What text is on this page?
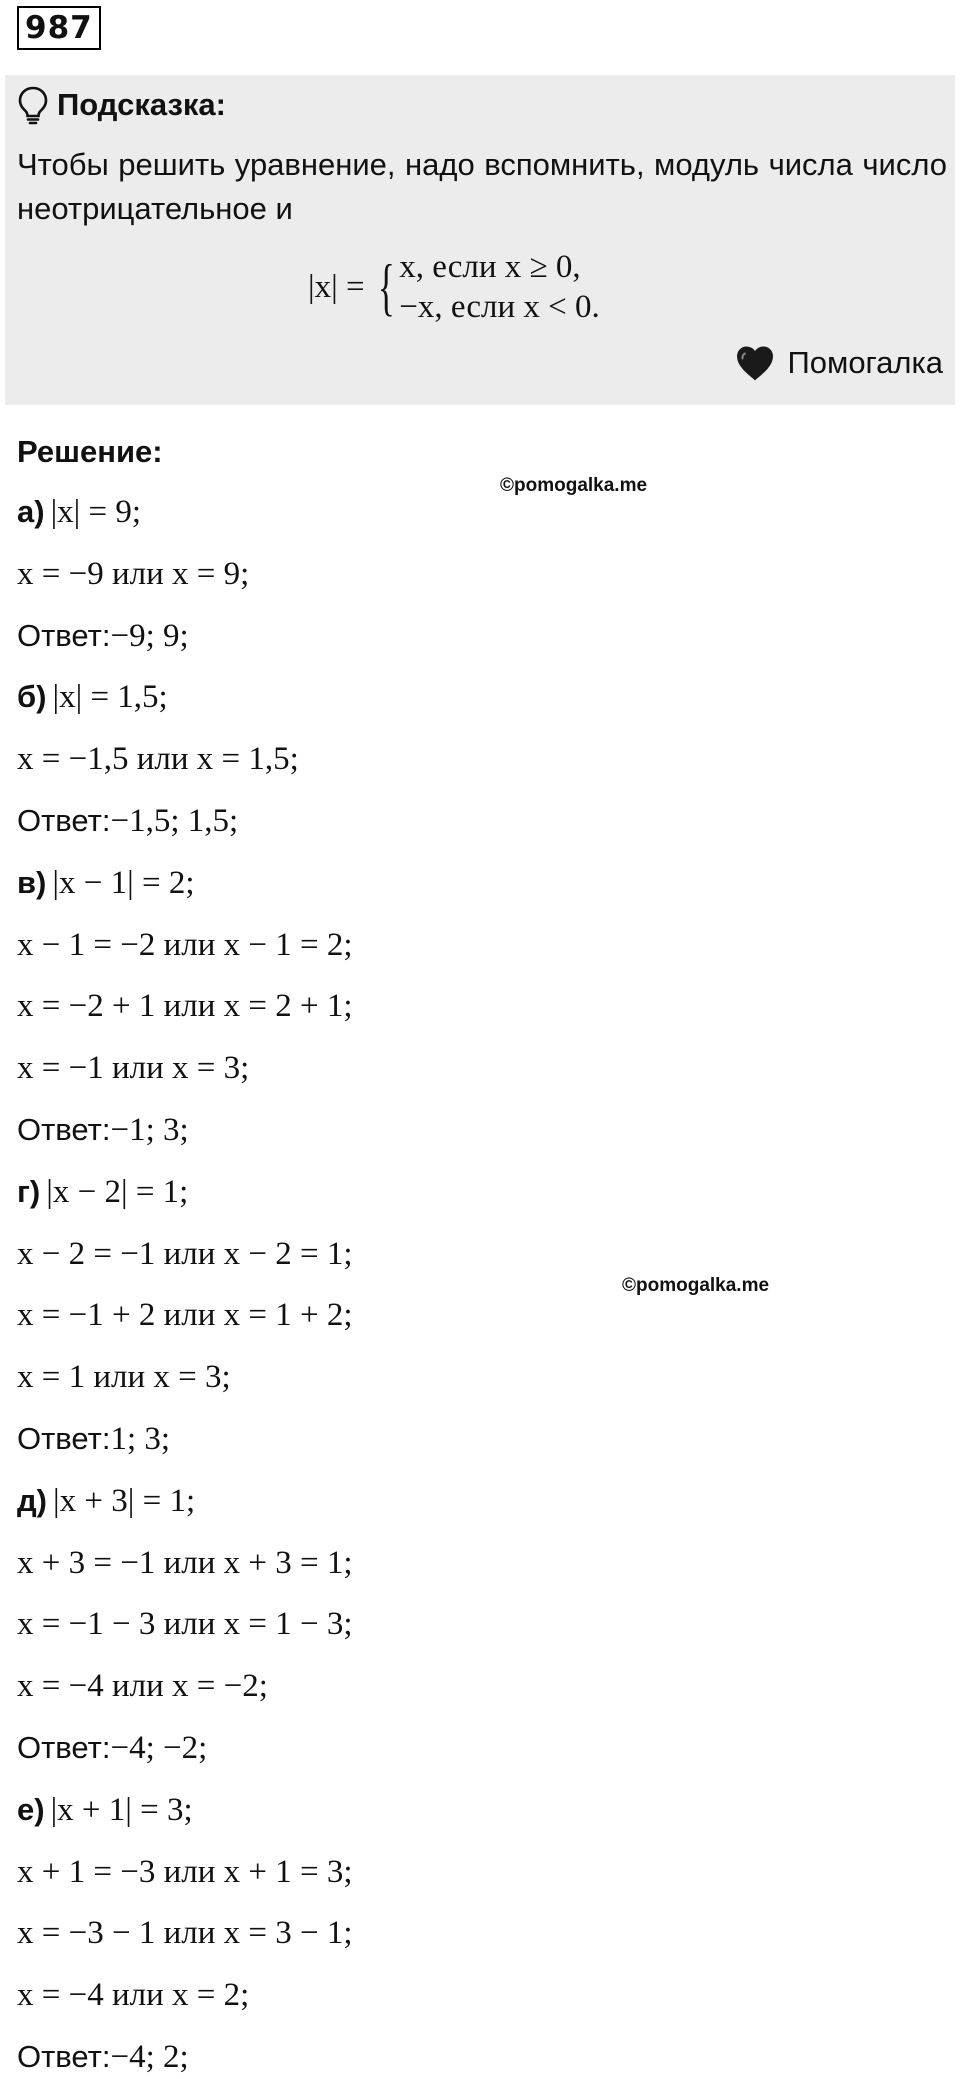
987
Подсказка:
Чтобы решить уравнение, надо вспомнить, модуль числа число неотрицательное и
|x| = { x, если x ≥ 0,
−x, если x < 0.
Помогалка
Решение:
©pomogalka.me
©pomogalka.me
а) |x| = 9;
x = −9 или x = 9;
Ответ:−9; 9;
б) |x| = 1,5;
x = −1,5 или x = 1,5;
Ответ:−1,5; 1,5;
в) |x − 1| = 2;
x − 1 = −2 или x − 1 = 2;
x = −2 + 1 или x = 2 + 1;
x = −1 или x = 3;
Ответ:−1; 3;
г) |x − 2| = 1;
x − 2 = −1 или x − 2 = 1;
x = −1 + 2 или x = 1 + 2;
x = 1 или x = 3;
Ответ:1; 3;
д) |x + 3| = 1;
x + 3 = −1 или x + 3 = 1;
x = −1 − 3 или x = 1 − 3;
x = −4 или x = −2;
Ответ:−4; −2;
е) |x + 1| = 3;
x + 1 = −3 или x + 1 = 3;
x = −3 − 1 или x = 3 − 1;
x = −4 или x = 2;
Ответ:−4; 2;
